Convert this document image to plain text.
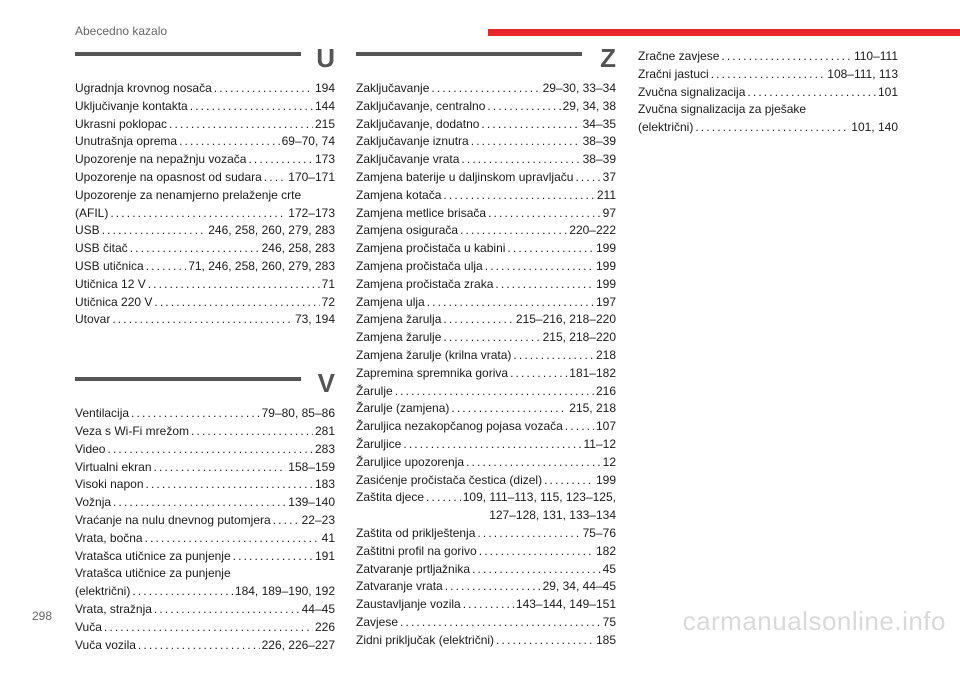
Abecedno kazalo
U
Ugradnja krovnog nosača . . .	194
Uključivanje kontakta . . .	144
Ukrasni poklopac . . .	215
Unutrašnja oprema . . .	69–70, 74
Upozorenje na nepažnju vozača . . .	173
Upozorenje na opasnost od sudara . . . 170–171
Upozorenje za nenamjerno prelaženje crte
(AFIL) . . .	172–173
USB . . .	246, 258, 260, 279, 283
USB čitač . . .	246, 258, 283
USB utičnica . . .	71, 246, 258, 260, 279, 283
Utičnica 12 V . . .	71
Utičnica 220 V . . .	72
Utovar . . .	73, 194
V
Ventilacija . . .	79–80, 85–86
Veza s Wi-Fi mrežom . . .	281
Video . . .	283
Virtualni ekran . . .	158–159
Visoki napon . . .	183
Vožnja . . .	139–140
Vraćanje na nulu dnevnog putomjera . . .	22–23
Vrata, bočna . . .	41
Vratašca utičnice za punjenje . . .	191
Vratašca utičnice za punjenje
(električni) . . .	184, 189–190, 192
Vrata, stražnja . . .	44–45
Vuča . . .	226
Vuča vozila . . .	226, 226–227
Z
Zaključavanje . . .	29–30, 33–34
Zaključavanje, centralno . . .	29, 34, 38
Zaključavanje, dodatno . . .	34–35
Zaključavanje iznutra . . .	38–39
Zaključavanje vrata . . .	38–39
Zamjena baterije u daljinskom upravljaču . . . 37
Zamjena kotača . . .	211
Zamjena metlice brisača . . .	97
Zamjena osigurača . . .	220–222
Zamjena pročistača u kabini . . .	199
Zamjena pročistača ulja . . .	199
Zamjena pročistača zraka . . .	199
Zamjena ulja . . .	197
Zamjena žarulja . . .	215–216, 218–220
Zamjena žarulje . . .	215, 218–220
Zamjena žarulje (krilna vrata) . . .	218
Zapremina spremnika goriva . . .	181–182
Žarulje . . .	216
Žarulje (zamjena) . . .	215, 218
Žaruljica nezakopčanog pojasa vozača . . .	107
Žaruljice . . .	11–12
Žaruljice upozorenja . . .	12
Zasićenje pročistača čestica (dizel) . . .	199
Zaštita djece . . .	109, 111–113, 115, 123–125,
127–128, 131, 133–134
Zaštita od priklještenja . . .	75–76
Zaštitni profil na gorivo . . .	182
Zatvaranje prtljažnika . . .	45
Zatvaranje vrata . . .	29, 34, 44–45
Zaustavljanje vozila . . .	143–144, 149–151
Zavjese . . .	75
Zidni priključak (električni) . . .	185
Zračne zavjese . . .	110–111
Zračni jastuci . . .	108–111, 113
Zvučna signalizacija . . .	101
Zvučna signalizacija za pješake
(električni) . . .	101, 140
298	carmanualsonline.info
